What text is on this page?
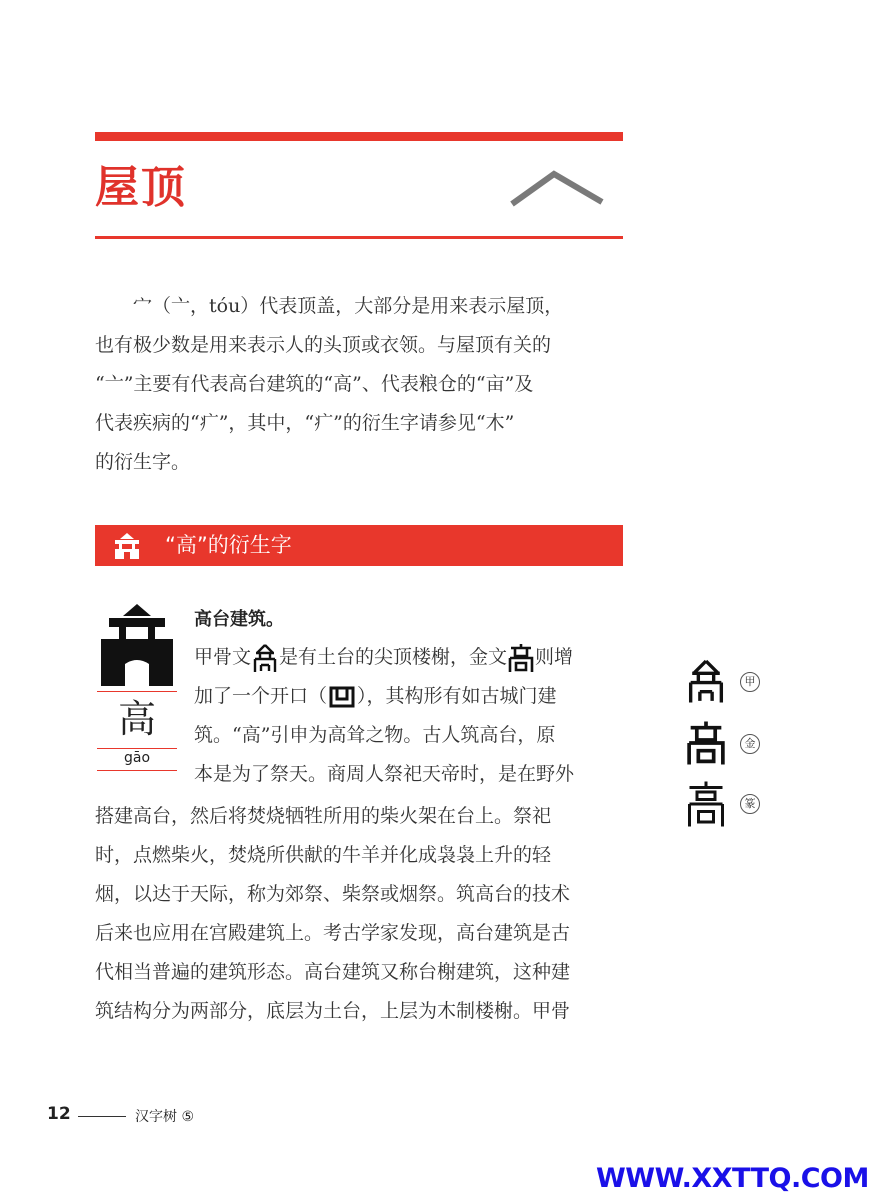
屋顶

宀（亠，tóu）代表顶盖，大部分是用来表示屋顶，

也有极少数是用来表示人的头顶或衣领。与屋顶有关的
“亠”主要有代表高台建筑的“高”、代表粮仓的“亩”及
代表疾病的“疒”，其中，“疒”的衍生字请参见“木”
的衍生字。
“高”的衍生字
高
gāo
高台建筑。
甲骨文 是有土台的尖顶楼榭，金文 则增
加了一个开口（ ），其构形有如古城门建
筑。“高”引申为高耸之物。古人筑高台，原
本是为了祭天。商周人祭祀天帝时，是在野外
搭建高台，然后将焚烧牺牲所用的柴火架在台上。祭祀
时，点燃柴火，焚烧所供献的牛羊并化成袅袅上升的轻
烟，以达于天际，称为郊祭、柴祭或烟祭。筑高台的技术
后来也应用在宫殿建筑上。考古学家发现，高台建筑是古
代相当普遍的建筑形态。高台建筑又称台榭建筑，这种建
筑结构分为两部分，底层为土台，上层为木制楼榭。甲骨
甲
金
篆
12	汉字树 ⑤
WWW.XXTTQ.COM
